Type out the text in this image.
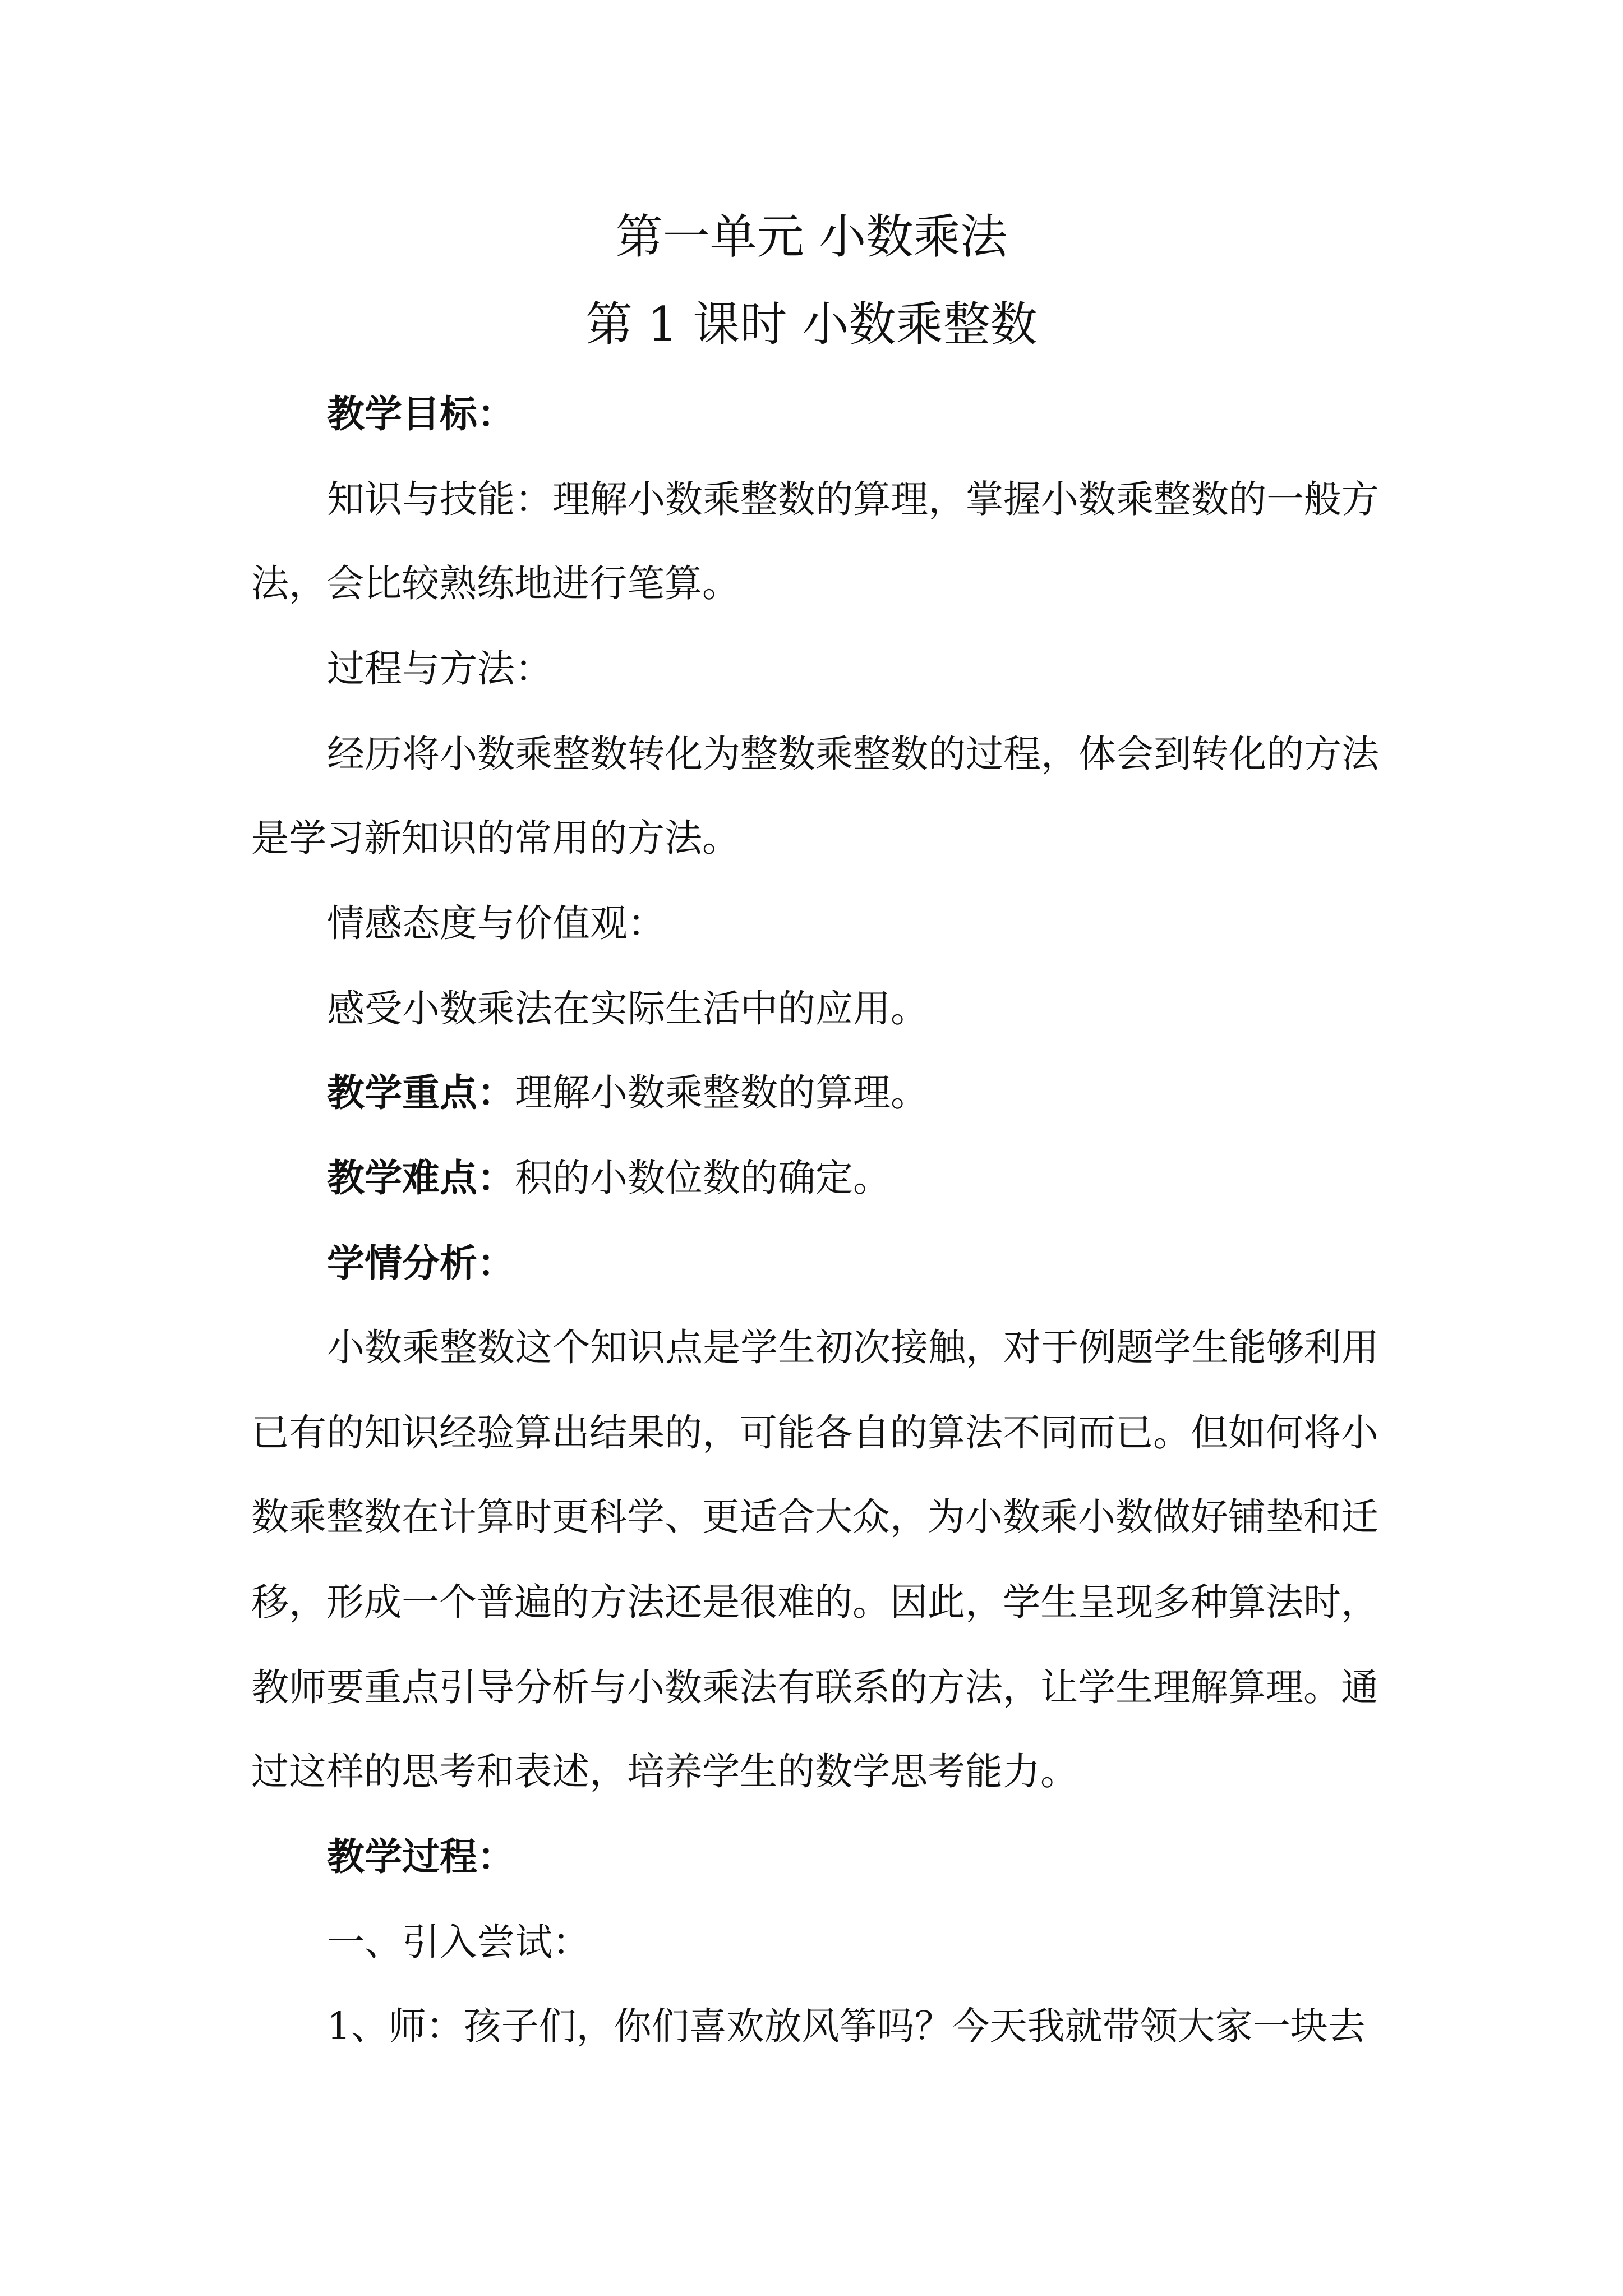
第一单元 小数乘法
第 1 课时 小数乘整数
教学目标：
知识与技能：理解小数乘整数的算理，掌握小数乘整数的一般方
法，会比较熟练地进行笔算。
过程与方法：
经历将小数乘整数转化为整数乘整数的过程，体会到转化的方法
是学习新知识的常用的方法。
情感态度与价值观：
感受小数乘法在实际生活中的应用。
教学重点：理解小数乘整数的算理。
教学难点：积的小数位数的确定。
学情分析：
小数乘整数这个知识点是学生初次接触，对于例题学生能够利用
已有的知识经验算出结果的，可能各自的算法不同而已。但如何将小
数乘整数在计算时更科学、更适合大众，为小数乘小数做好铺垫和迁
移，形成一个普遍的方法还是很难的。因此，学生呈现多种算法时，
教师要重点引导分析与小数乘法有联系的方法，让学生理解算理。通
过这样的思考和表述，培养学生的数学思考能力。
教学过程：
一、引入尝试：
1、师：孩子们，你们喜欢放风筝吗？今天我就带领大家一块去
